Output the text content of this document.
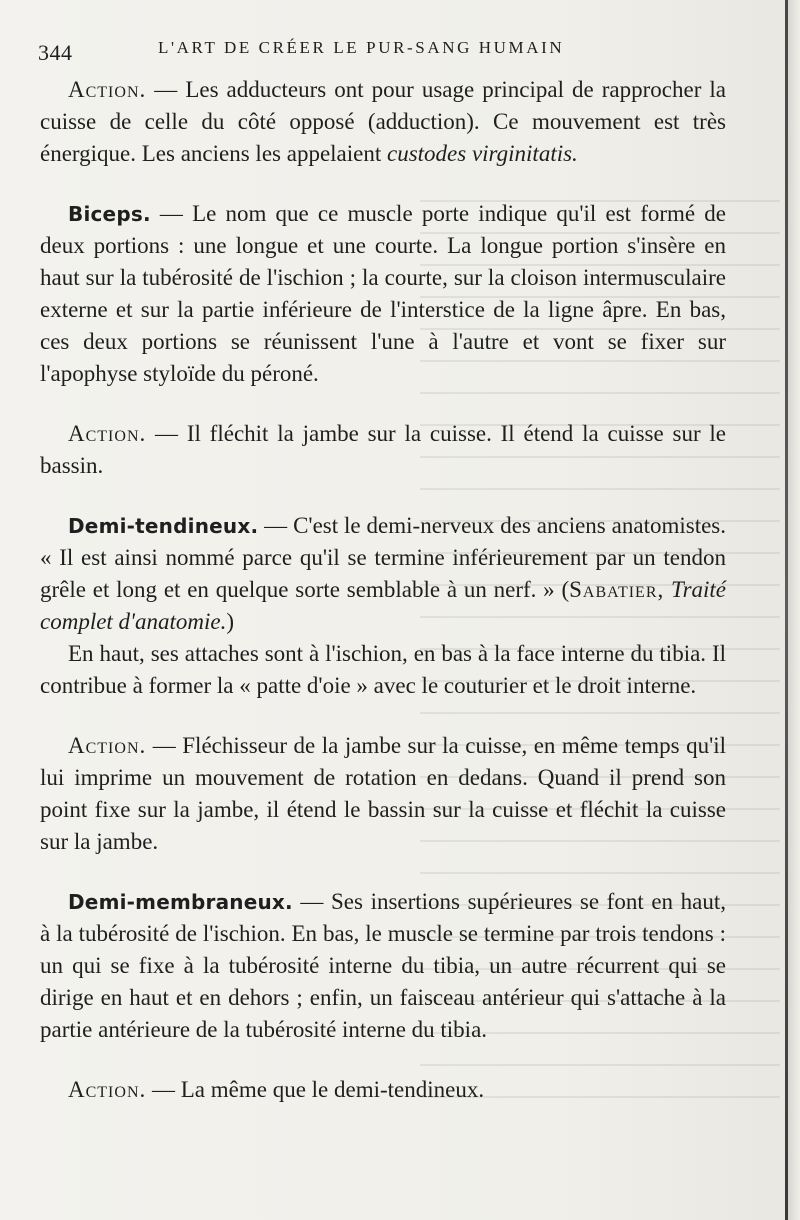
344	L'ART DE CRÉER LE PUR-SANG HUMAIN

Action. — Les adducteurs ont pour usage principal de rapprocher la cuisse de celle du côté opposé (adduction). Ce mouvement est très énergique. Les anciens les appelaient custodes virginitatis.

Biceps. — Le nom que ce muscle porte indique qu'il est formé de deux portions : une longue et une courte. La longue portion s'insère en haut sur la tubérosité de l'ischion ; la courte, sur la cloison intermusculaire externe et sur la partie inférieure de l'interstice de la ligne âpre. En bas, ces deux portions se réunissent l'une à l'autre et vont se fixer sur l'apophyse styloïde du péroné.

Action. — Il fléchit la jambe sur la cuisse. Il étend la cuisse sur le bassin.

Demi-tendineux. — C'est le demi-nerveux des anciens anatomistes. « Il est ainsi nommé parce qu'il se termine inférieurement par un tendon grêle et long et en quelque sorte semblable à un nerf. » (Sabatier, Traité complet d'anatomie.)

En haut, ses attaches sont à l'ischion, en bas à la face interne du tibia. Il contribue à former la « patte d'oie » avec le couturier et le droit interne.

Action. — Fléchisseur de la jambe sur la cuisse, en même temps qu'il lui imprime un mouvement de rotation en dedans. Quand il prend son point fixe sur la jambe, il étend le bassin sur la cuisse et fléchit la cuisse sur la jambe.

Demi-membraneux. — Ses insertions supérieures se font en haut, à la tubérosité de l'ischion. En bas, le muscle se termine par trois tendons : un qui se fixe à la tubérosité interne du tibia, un autre récurrent qui se dirige en haut et en dehors ; enfin, un faisceau antérieur qui s'attache à la partie antérieure de la tubérosité interne du tibia.

Action. — La même que le demi-tendineux.
